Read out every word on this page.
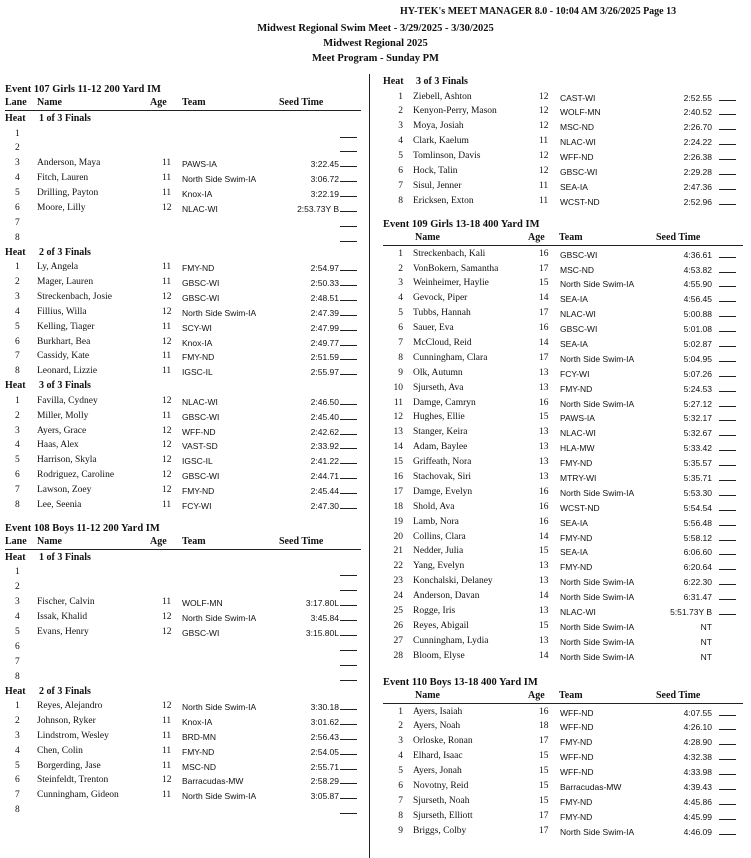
Midwest Regional Swim Meet - 3/29/2025 - 3/30/2025
Midwest Regional 2025
Meet Program - Sunday PM
HY-TEK's MEET MANAGER 8.0 - 10:04 AM 3/26/2025 Page 13
Event 107 Girls 11-12 200 Yard IM
Lane Name	Age Team	Seed Time
Heat 1 of 3 Finals
1
2
3 Anderson, Maya	11 PAWS-IA	3:22.45
4 Fitch, Lauren	11 North Side Swim-IA	3:06.72
5 Drilling, Payton	11 Knox-IA	3:22.19
6 Moore, Lilly	12 NLAC-WI	2:53.73Y B
7
8
Heat 2 of 3 Finals
1 Ly, Angela	11 FMY-ND	2:54.97
2 Mager, Lauren	11 GBSC-WI	2:50.33
3 Streckenbach, Josie	12 GBSC-WI	2:48.51
4 Fillius, Willa	12 North Side Swim-IA	2:47.39
5 Kelling, Tiager	11 SCY-WI	2:47.99
6 Burkhart, Bea	12 Knox-IA	2:49.77
7 Cassidy, Kate	11 FMY-ND	2:51.59
8 Leonard, Lizzie	11 IGSC-IL	2:55.97
Heat 3 of 3 Finals
1 Favilla, Cydney	12 NLAC-WI	2:46.50
2 Miller, Molly	11 GBSC-WI	2:45.40
3 Ayers, Grace	12 WFF-ND	2:42.62
4 Haas, Alex	12 VAST-SD	2:33.92
5 Harrison, Skyla	12 IGSC-IL	2:41.22
6 Rodriguez, Caroline	12 GBSC-WI	2:44.71
7 Lawson, Zoey	12 FMY-ND	2:45.44
8 Lee, Seenia	11 FCY-WI	2:47.30
Event 108 Boys 11-12 200 Yard IM
Lane Name	Age Team	Seed Time
Heat 1 of 3 Finals
1
2
3 Fischer, Calvin	11 WOLF-MN	3:17.80L
4 Issak, Khalid	12 North Side Swim-IA	3:45.84
5 Evans, Henry	12 GBSC-WI	3:15.80L
6
7
8
Heat 2 of 3 Finals
1 Reyes, Alejandro	12 North Side Swim-IA	3:30.18
2 Johnson, Ryker	11 Knox-IA	3:01.62
3 Lindstrom, Wesley	11 BRD-MN	2:56.43
4 Chen, Colin	11 FMY-ND	2:54.05
5 Borgerding, Jase	11 MSC-ND	2:55.71
6 Steinfeldt, Trenton	12 Barracudas-MW	2:58.29
7 Cunningham, Gideon	11 North Side Swim-IA	3:05.87
8
Heat 3 of 3 Finals
1 Ziebell, Ashton	12 CAST-WI	2:52.55
2 Kenyon-Perry, Mason	12 WOLF-MN	2:40.52
3 Moya, Josiah	12 MSC-ND	2:26.70
4 Clark, Kaelum	11 NLAC-WI	2:24.22
5 Tomlinson, Davis	12 WFF-ND	2:26.38
6 Hock, Talin	12 GBSC-WI	2:29.28
7 Sisul, Jenner	11 SEA-IA	2:47.36
8 Ericksen, Exton	11 WCST-ND	2:52.96
Event 109 Girls 13-18 400 Yard IM
Name	Age Team	Seed Time
1 Streckenbach, Kali	16 GBSC-WI	4:36.61
2 VonBokern, Samantha	17 MSC-ND	4:53.82
3 Weinheimer, Haylie	15 North Side Swim-IA	4:55.90
4 Gevock, Piper	14 SEA-IA	4:56.45
5 Tubbs, Hannah	17 NLAC-WI	5:00.88
6 Sauer, Eva	16 GBSC-WI	5:01.08
7 McCloud, Reid	14 SEA-IA	5:02.87
8 Cunningham, Clara	17 North Side Swim-IA	5:04.95
9 Olk, Autumn	13 FCY-WI	5:07.26
10 Sjurseth, Ava	13 FMY-ND	5:24.53
11 Damge, Camryn	16 North Side Swim-IA	5:27.12
12 Hughes, Ellie	15 PAWS-IA	5:32.17
13 Stanger, Keira	13 NLAC-WI	5:32.67
14 Adam, Baylee	13 HLA-MW	5:33.42
15 Griffeath, Nora	13 FMY-ND	5:35.57
16 Stachovak, Siri	13 MTRY-WI	5:35.71
17 Damge, Evelyn	16 North Side Swim-IA	5:53.30
18 Shold, Ava	16 WCST-ND	5:54.54
19 Lamb, Nora	16 SEA-IA	5:56.48
20 Collins, Clara	14 FMY-ND	5:58.12
21 Nedder, Julia	15 SEA-IA	6:06.60
22 Yang, Evelyn	13 FMY-ND	6:20.64
23 Konchalski, Delaney	13 North Side Swim-IA	6:22.30
24 Anderson, Davan	14 North Side Swim-IA	6:31.47
25 Rogge, Iris	13 NLAC-WI	5:51.73Y B
26 Reyes, Abigail	15 North Side Swim-IA	NT
27 Cunningham, Lydia	13 North Side Swim-IA	NT
28 Bloom, Elyse	14 North Side Swim-IA	NT
Event 110 Boys 13-18 400 Yard IM
Name	Age Team	Seed Time
1 Ayers, Isaiah	16 WFF-ND	4:07.55
2 Ayers, Noah	18 WFF-ND	4:26.10
3 Orloske, Ronan	17 FMY-ND	4:28.90
4 Elhard, Isaac	15 WFF-ND	4:32.38
5 Ayers, Jonah	15 WFF-ND	4:33.98
6 Novotny, Reid	15 Barracudas-MW	4:39.43
7 Sjurseth, Noah	15 FMY-ND	4:45.86
8 Sjurseth, Elliott	17 FMY-ND	4:45.99
9 Briggs, Colby	17 North Side Swim-IA	4:46.09
